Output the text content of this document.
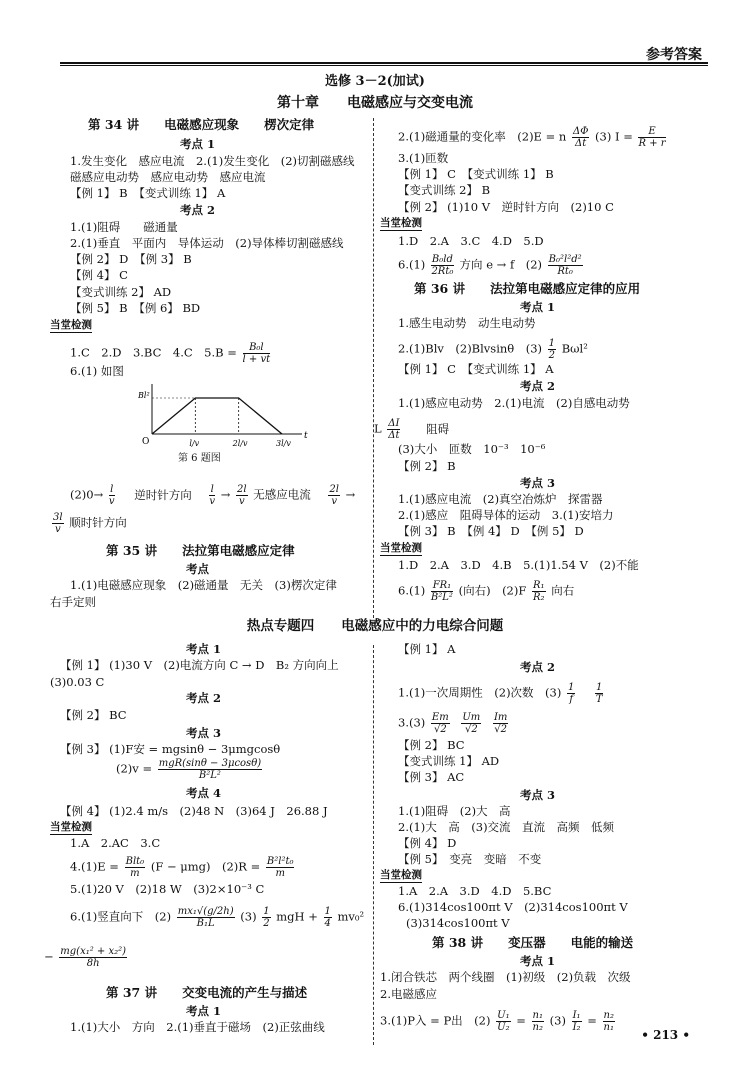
参考答案
选修 3－2(加试)
第十章　　电磁感应与交变电流
第 34 讲　　电磁感应现象　　楞次定律
考点 1
1.发生变化　感应电流　2.(1)发生变化　(2)切割磁感线
磁感应电动势　感应电动势　感应电流
【例 1】 B　【变式训练 1】 A
考点 2
1.(1)阻碍　　磁通量
2.(1)垂直　平面内　导体运动　(2)导体棒切割磁感线
【例 2】 D　【例 3】 B
【例 4】 C
【变式训练 2】 AD
【例 5】 B　【例 6】 BD
当堂检测
1.C　2.D　3.BC　4.C　$5.B = \frac{\text{B₀l}}{l + vt}$
6.(1) 如图
l/v	2l/v	3l/v
Bl²
t
O
第 6 题图
$(2)0\to \frac{l}{v}$ 逆时针方向 $\frac{l}{v} \to \frac{2l}{v}$ 无感应电流 $\frac{2l}{v}$ →
$\frac{3l}{v}$ 顺时针方向
第 35 讲　　法拉第电磁感应定律
考点
1.(1)电磁感应现象　(2)磁通量　无关　(3)楞次定律
右手定则
2.(1)磁通量的变化率　(2)E = n $\frac{\Delta\Phi}{\Delta t} (3) I = \frac{E}{R + r}$
3.(1)匝数
【例 1】 C　【变式训练 1】 B
【变式训练 2】 B
【例 2】 (1)10 V　逆时针方向　(2)10 C
当堂检测
1.D　2.A　3.C　4.D　5.D
$6.(1) \frac{\text{B₀ld}}{\text{2Rt₀}}$ 方向 e → f　$(2) \frac{\text{B₀²l²d²}}{\text{Rt₀}}$
第 36 讲　　法拉第电磁感应定律的应用
考点 1
1.感生电动势　动生电动势
2.(1)Blv　(2)Blvsinθ　$(3) \frac{1}{2} B\omega l^2$
【例 1】 C　【变式训练 1】 A
考点 2
1.(1)感应电动势　2.(1)电流　(2)自感电动势
L $\frac{\Delta I}{\Delta t}$ 阻碍
(3)大小　匝数　10⁻³　10⁻⁶
【例 2】 B
考点 3
1.(1)感应电流　(2)真空冶炼炉　探雷器
2.(1)感应　阻碍导体的运动　3.(1)安培力
【例 3】 B　【例 4】 D　【例 5】 D
当堂检测
1.D　2.A　3.D　4.B　5.(1)1.54 V　(2)不能
$6.(1) \frac{\text{FR₁}}{\text{B²L²}}$ (向右)　$(2)F \frac{\text{R₁}}{\text{R₂}}$ 向右
热点专题四　　电磁感应中的力电综合问题
考点 1
【例 1】 (1)30 V　(2)电流方向 C → D　B₂ 方向向上
(3)0.03 C
考点 2
【例 2】 BC
考点 3
【例 3】 (1)F安 = mgsinθ − 3μmgcosθ
$(2)v = \frac{\text{mgR(sinθ − 3μcosθ)}}{\text{B²L²}}$
考点 4
【例 4】 (1)2.4 m/s　(2)48 N　(3)64 J　26.88 J
当堂检测
1.A　2.AC　3.C
$4.(1)E = \frac{\text{Blt₀}}{m} (F - \mu mg)$　$(2)R = \frac{\text{B²l²t₀}}{m}$
5.(1)20 V　(2)18 W　(3)2×10⁻³ C
6.(1)竖直向下　$(2) \frac{\text{mx₁√(g/2h)}}{\text{B₁L}} (3) \frac{1}{2}$ mgH + $\frac{1}{4} mv_0^2$
− $\frac{\text{mg(x₁² + x₂²)}}{8h}$
第 37 讲　　交变电流的产生与描述
考点 1
1.(1)大小　方向　2.(1)垂直于磁场　(2)正弦曲线
【例 1】 A
考点 2
1.(1)一次周期性　(2)次数　$(3) \frac{1}{f}$
$\frac{1}{T}$
$3.(3) \frac{Em}{√2}$
$\frac{Um}{√2}$
$\frac{Im}{√2}$
【例 2】 BC
【变式训练 1】 AD
【例 3】 AC
考点 3
1.(1)阻碍　(2)大　高
2.(1)大　高　(3)交流　直流　高频　低频
【例 4】 D
【例 5】　变亮　变暗　不变
当堂检测
1.A　2.A　3.D　4.D　5.BC
6.(1)314cos100πt V　(2)314cos100πt V
(3)314cos100πt V
第 38 讲　　变压器　　电能的输送
考点 1
1.闭合铁芯　两个线圈　(1)初级　(2)负载　次级
2.电磁感应
3.(1)P入 = P出　$(2) \frac{\text{U₁}}{\text{U₂}} = \frac{\text{n₁}}{\text{n₂}} (3) \frac{\text{I₁}}{\text{I₂}} = \frac{\text{n₂}}{\text{n₁}}$
• 213 •
